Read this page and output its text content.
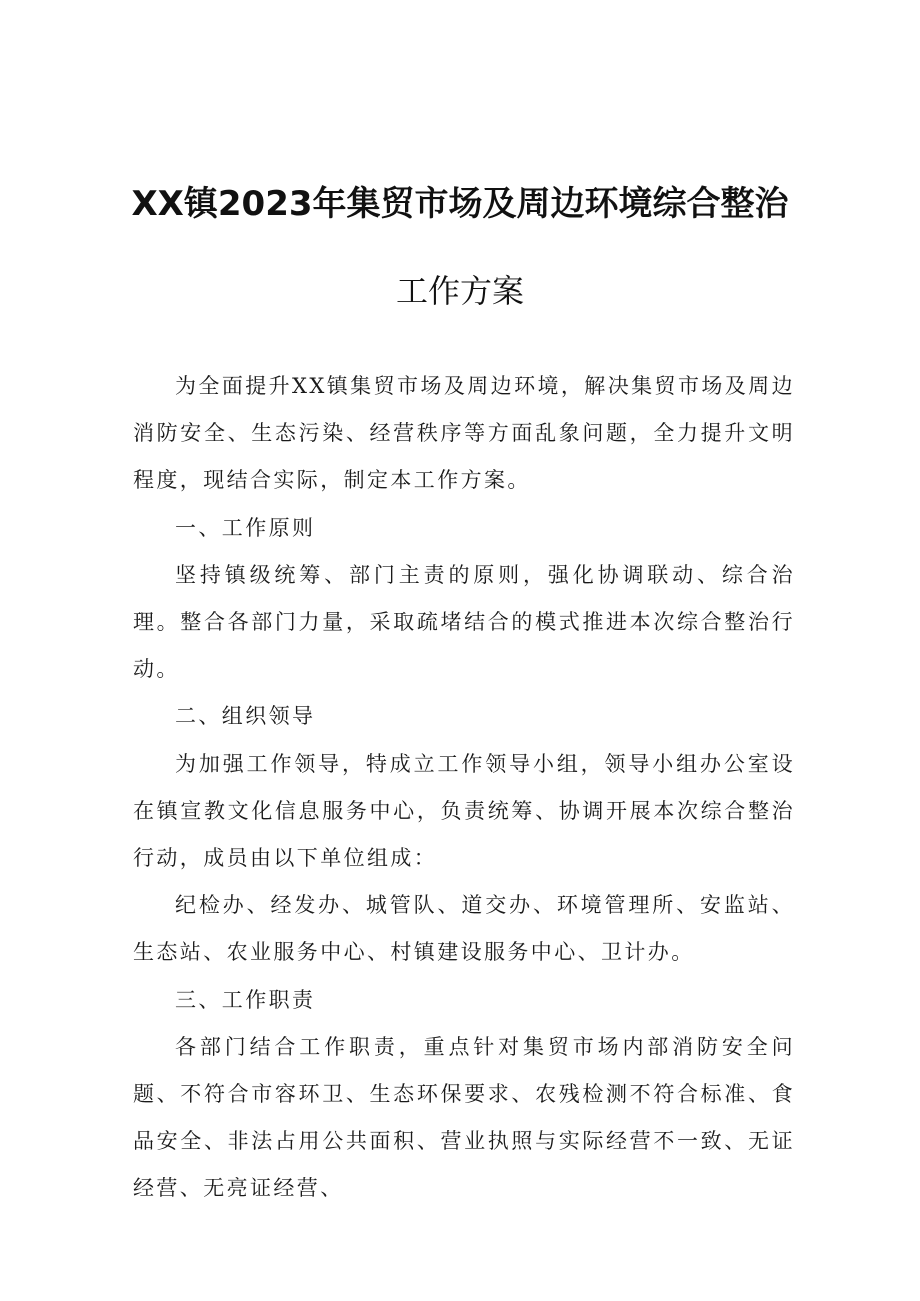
XX镇2023年集贸市场及周边环境综合整治
工作方案

为全面提升XX镇集贸市场及周边环境，解决集贸市场及周边消防安全、生态污染、经营秩序等方面乱象问题，全力提升文明程度，现结合实际，制定本工作方案。

一、工作原则

坚持镇级统筹、部门主责的原则，强化协调联动、综合治理。整合各部门力量，采取疏堵结合的模式推进本次综合整治行动。

二、组织领导

为加强工作领导，特成立工作领导小组，领导小组办公室设在镇宣教文化信息服务中心，负责统筹、协调开展本次综合整治行动，成员由以下单位组成：

纪检办、经发办、城管队、道交办、环境管理所、安监站、生态站、农业服务中心、村镇建设服务中心、卫计办。

三、工作职责

各部门结合工作职责，重点针对集贸市场内部消防安全问题、不符合市容环卫、生态环保要求、农残检测不符合标准、食品安全、非法占用公共面积、营业执照与实际经营不一致、无证经营、无亮证经营、
